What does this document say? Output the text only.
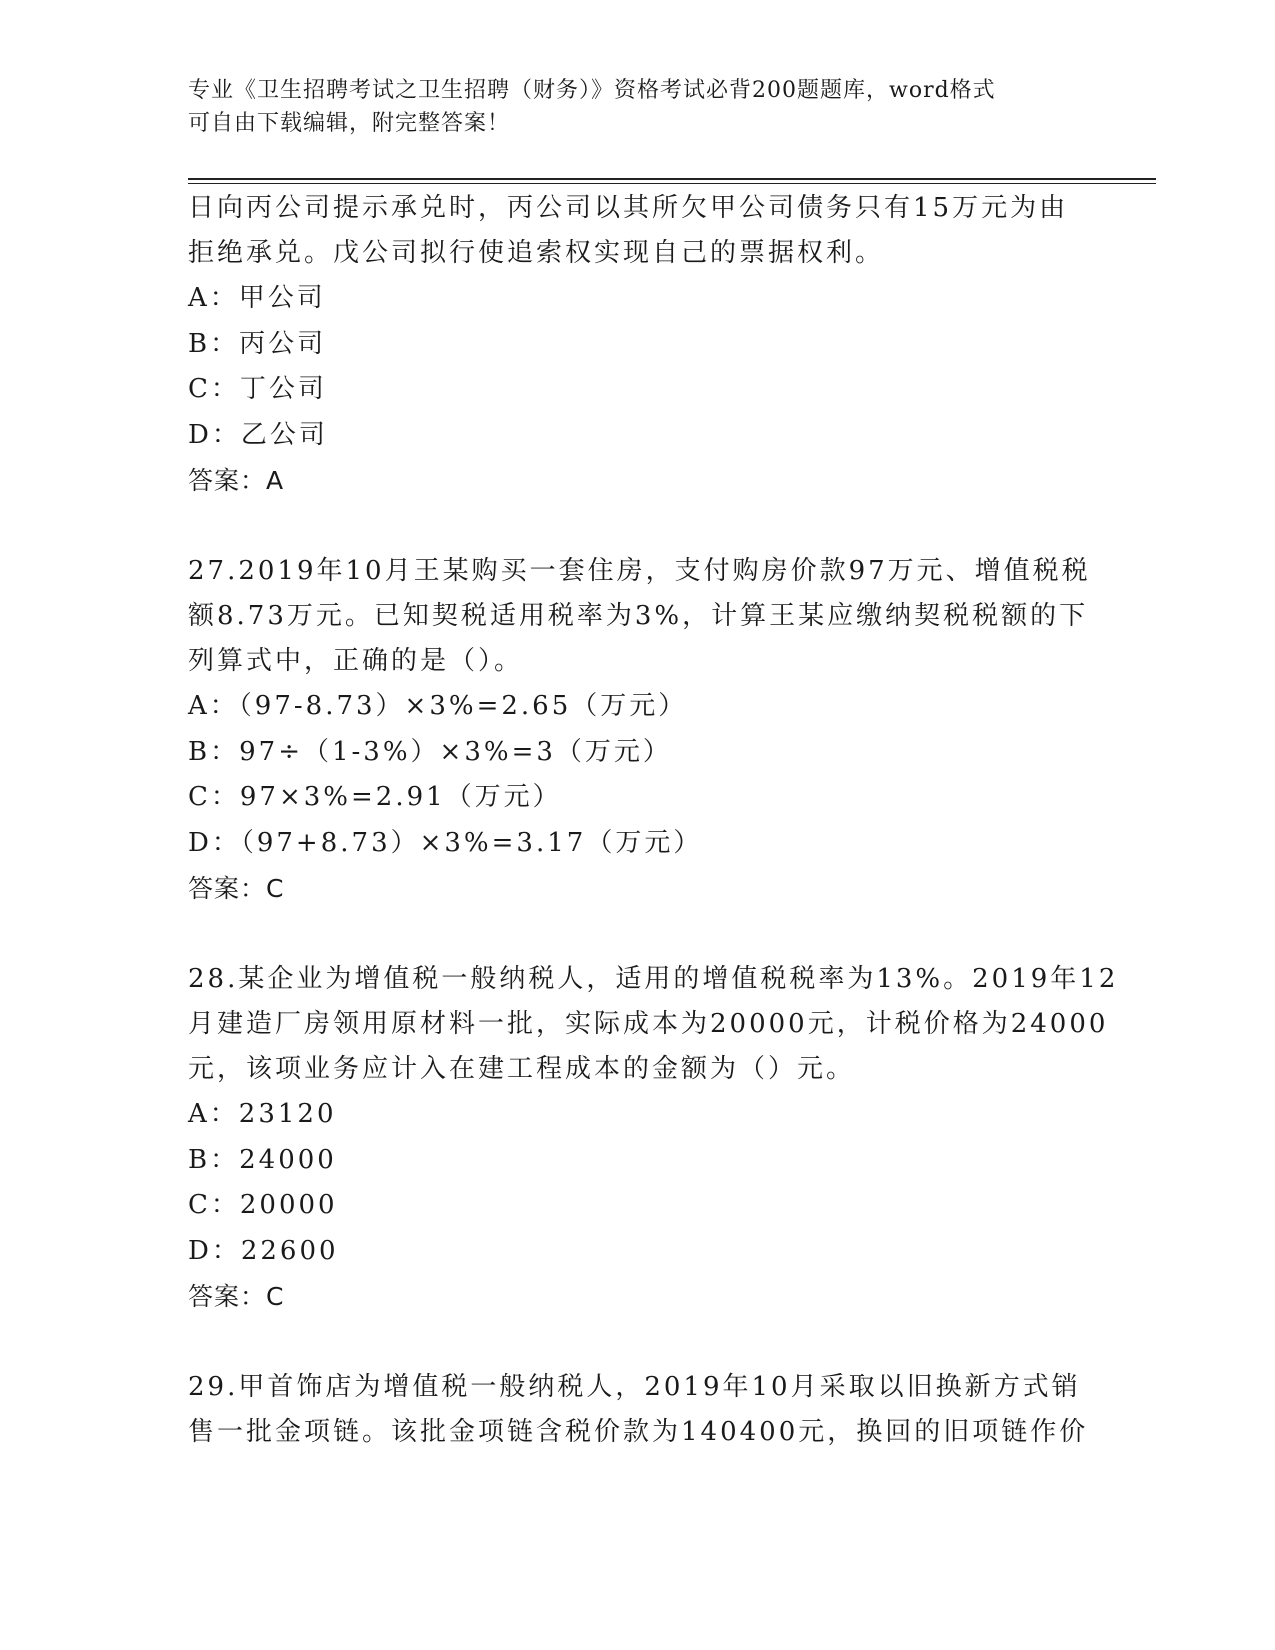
专业《卫生招聘考试之卫生招聘（财务）》资格考试必背200题题库，word格式
可自由下载编辑，附完整答案！
日向丙公司提示承兑时，丙公司以其所欠甲公司债务只有15万元为由
拒绝承兑。戊公司拟行使追索权实现自己的票据权利。
A：甲公司
B：丙公司
C：丁公司
D：乙公司
答案：A
27.2019年10月王某购买一套住房，支付购房价款97万元、增值税税
额8.73万元。已知契税适用税率为3%，计算王某应缴纳契税税额的下
列算式中，正确的是（）。
A：（97-8.73）×3%=2.65（万元）
B：97÷（1-3%）×3%=3（万元）
C：97×3%=2.91（万元）
D：（97+8.73）×3%=3.17（万元）
答案：C
28.某企业为增值税一般纳税人，适用的增值税税率为13%。2019年12
月建造厂房领用原材料一批，实际成本为20000元，计税价格为24000
元，该项业务应计入在建工程成本的金额为（）元。
A：23120
B：24000
C：20000
D：22600
答案：C
29.甲首饰店为增值税一般纳税人，2019年10月采取以旧换新方式销
售一批金项链。该批金项链含税价款为140400元，换回的旧项链作价
